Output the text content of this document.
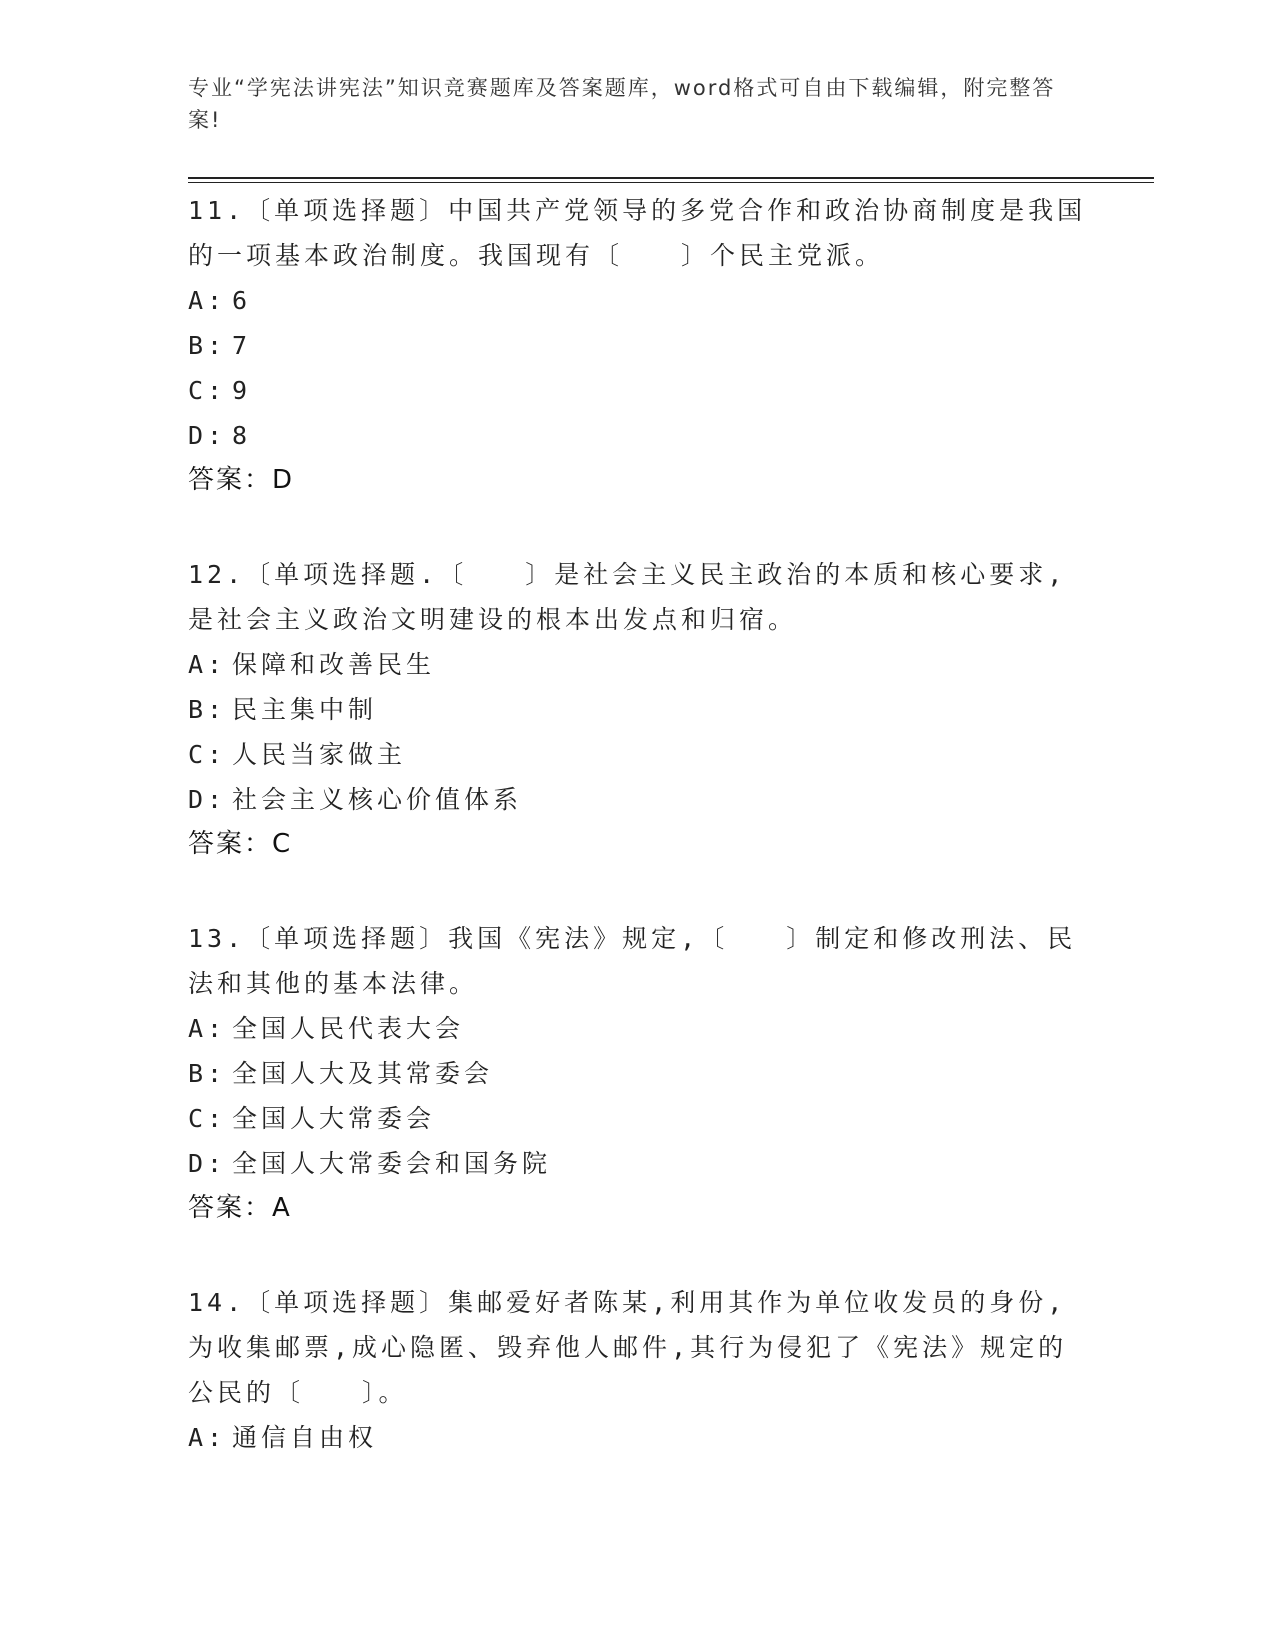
专业“学宪法讲宪法”知识竞赛题库及答案题库，word格式可自由下载编辑，附完整答案!

11.〔单项选择题〕中国共产党领导的多党合作和政治协商制度是我国的一项基本政治制度。我国现有〔　　〕个民主党派。

A: 6

B: 7

C: 9

D: 8

答案：D

12.〔单项选择题.〔　　〕是社会主义民主政治的本质和核心要求,是社会主义政治文明建设的根本出发点和归宿。

A: 保障和改善民生

B: 民主集中制

C: 人民当家做主

D: 社会主义核心价值体系

答案：C

13.〔单项选择题〕我国《宪法》规定,〔　　〕制定和修改刑法、民法和其他的基本法律。

A: 全国人民代表大会

B: 全国人大及其常委会

C: 全国人大常委会

D: 全国人大常委会和国务院

答案：A

14.〔单项选择题〕集邮爱好者陈某,利用其作为单位收发员的身份,为收集邮票,成心隐匿、毁弃他人邮件,其行为侵犯了《宪法》规定的公民的〔　　〕。

A: 通信自由权
